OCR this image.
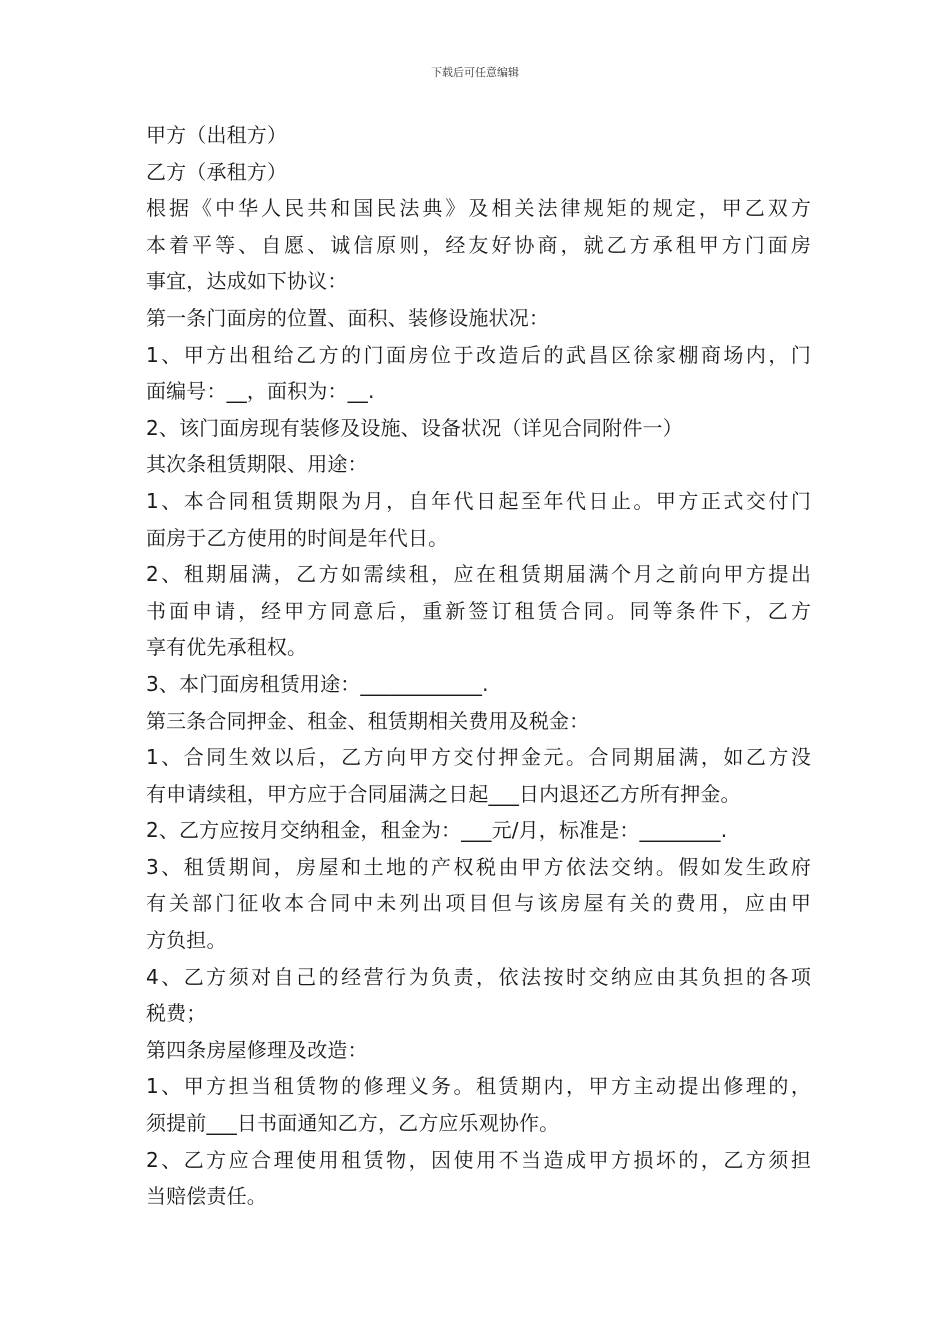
下载后可任意编辑
甲方（出租方）
乙方（承租方）
根据《中华人民共和国民法典》及相关法律规矩的规定，甲乙双方
本着平等、自愿、诚信原则，经友好协商，就乙方承租甲方门面房
事宜，达成如下协议：
第一条门面房的位置、面积、装修设施状况：
1、甲方出租给乙方的门面房位于改造后的武昌区徐家棚商场内，门
面编号：__，面积为：__.
2、该门面房现有装修及设施、设备状况（详见合同附件一）
其次条租赁期限、用途：
1、本合同租赁期限为月，自年代日起至年代日止。甲方正式交付门
面房于乙方使用的时间是年代日。
2、租期届满，乙方如需续租，应在租赁期届满个月之前向甲方提出
书面申请，经甲方同意后，重新签订租赁合同。同等条件下，乙方
享有优先承租权。
3、本门面房租赁用途：____________.
第三条合同押金、租金、租赁期相关费用及税金：
1、合同生效以后，乙方向甲方交付押金元。合同期届满，如乙方没
有申请续租，甲方应于合同届满之日起___日内退还乙方所有押金。
2、乙方应按月交纳租金，租金为：___元/月，标准是：________.
3、租赁期间，房屋和土地的产权税由甲方依法交纳。假如发生政府
有关部门征收本合同中未列出项目但与该房屋有关的费用，应由甲
方负担。
4、乙方须对自己的经营行为负责，依法按时交纳应由其负担的各项
税费；
第四条房屋修理及改造：
1、甲方担当租赁物的修理义务。租赁期内，甲方主动提出修理的，
须提前___日书面通知乙方，乙方应乐观协作。
2、乙方应合理使用租赁物，因使用不当造成甲方损坏的，乙方须担
当赔偿责任。
